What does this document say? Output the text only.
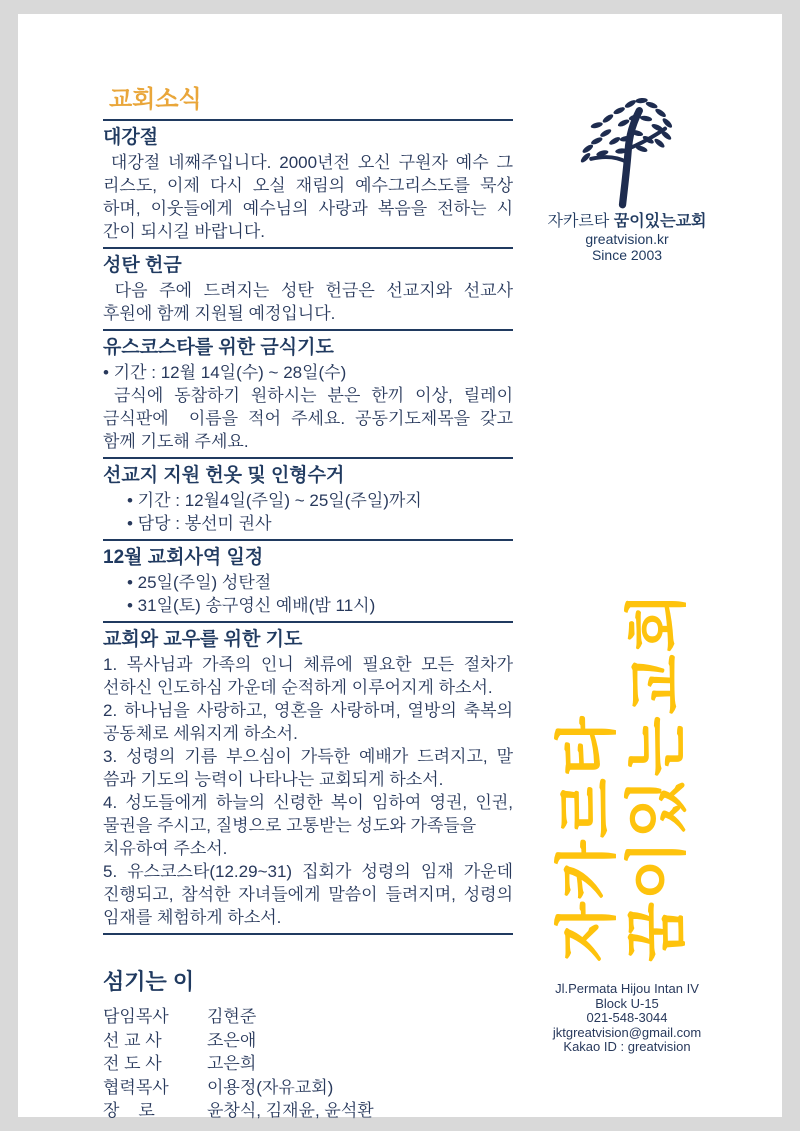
교회소식
대강절
대강절 네째주입니다. 2000년전 오신 구원자 예수 그
리스도, 이제 다시 오실 재림의 예수그리스도를 묵상
하며, 이웃들에게 예수님의 사랑과 복음을 전하는 시
간이 되시길 바랍니다.
성탄 헌금
다음 주에 드려지는 성탄 헌금은 선교지와 선교사
후원에 함께 지원될 예정입니다.
유스코스타를 위한 금식기도
• 기간 : 12월 14일(수) ~ 28일(수)
금식에 동참하기 원하시는 분은 한끼 이상, 릴레이
금식판에  이름을 적어 주세요. 공동기도제목을 갖고
함께 기도해 주세요.
선교지 지원 헌옷 및 인형수거
• 기간 : 12월4일(주일) ~ 25일(주일)까지
• 담당 : 봉선미 권사
12월 교회사역 일정
• 25일(주일) 성탄절
• 31일(토) 송구영신 예배(밤 11시)
교회와 교우를 위한 기도
1. 목사님과 가족의 인니 체류에 필요한 모든 절차가
선하신 인도하심 가운데 순적하게 이루어지게 하소서.
2. 하나님을 사랑하고, 영혼을 사랑하며, 열방의 축복의
공동체로 세워지게 하소서.
3. 성령의 기름 부으심이 가득한 예배가 드려지고, 말
씀과 기도의 능력이 나타나는 교회되게 하소서.
4. 성도들에게 하늘의 신령한 복이 임하여 영권, 인권,
물권을 주시고, 질병으로 고통받는 성도와 가족들을
치유하여 주소서.
5. 유스코스타(12.29~31) 집회가 성령의 임재 가운데
진행되고, 참석한 자녀들에게 말씀이 들려지며, 성령의
임재를 체험하게 하소서.
섬기는 이
담임목사	김현준
선 교 사	조은애
전 도 사	고은희
협력목사	이용정(자유교회)
장    로	윤창식, 김재윤, 윤석환
자카르타 꿈이있는교회
greatvision.kr
Since 2003
자카르타 꿈이있는교회
Jl.Permata Hijou Intan IV
Block U-15
021-548-3044
jktgreatvision@gmail.com
Kakao ID : greatvision
